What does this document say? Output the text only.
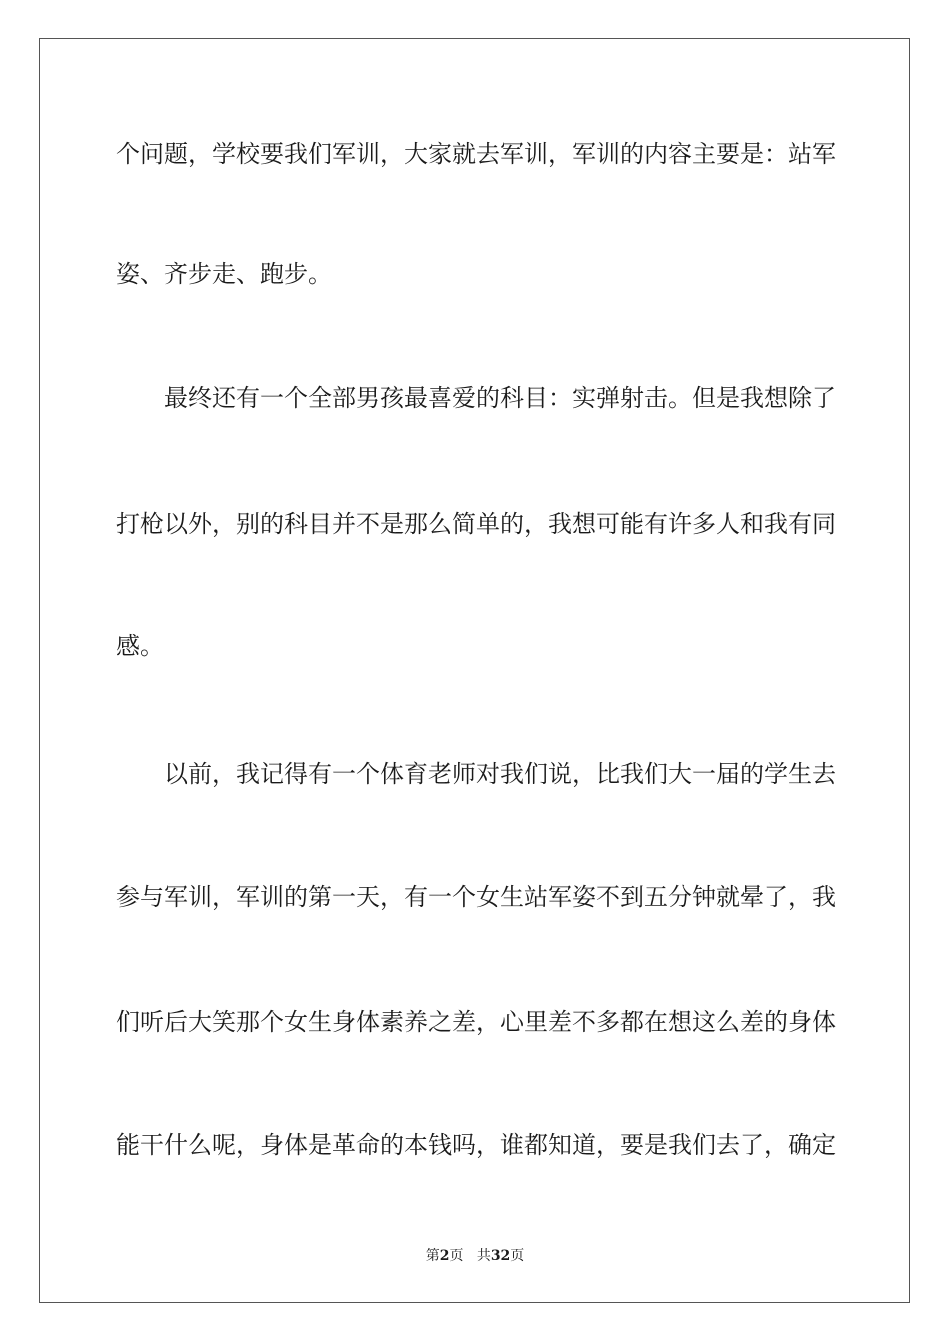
个问题，学校要我们军训，大家就去军训，军训的内容主要是：站军
姿、齐步走、跑步。
最终还有一个全部男孩最喜爱的科目：实弹射击。但是我想除了
打枪以外，别的科目并不是那么简单的，我想可能有许多人和我有同
感。
以前，我记得有一个体育老师对我们说，比我们大一届的学生去
参与军训，军训的第一天，有一个女生站军姿不到五分钟就晕了，我
们听后大笑那个女生身体素养之差，心里差不多都在想这么差的身体
能干什么呢，身体是革命的本钱吗，谁都知道，要是我们去了，确定
第2页 共32页
